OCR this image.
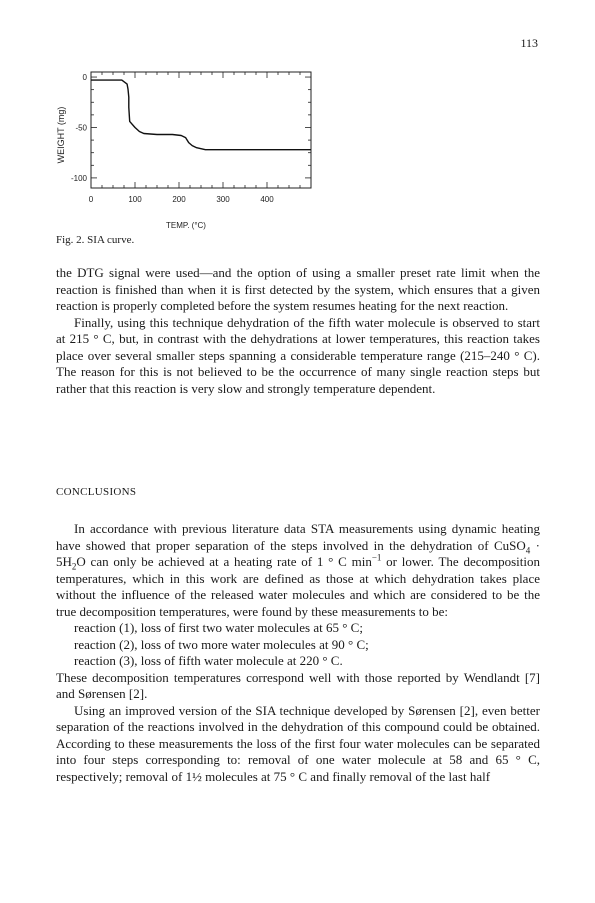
113
WEIGHT (mg)
TEMP. (°C)
0	100	200	300	400
0
-50
-100
Fig. 2. SIA curve.

the DTG signal were used—and the option of using a smaller preset rate limit when the reaction is finished than when it is first detected by the system, which ensures that a given reaction is properly completed before the system resumes heating for the next reaction.

Finally, using this technique dehydration of the fifth water molecule is observed to start at 215 ° C, but, in contrast with the dehydrations at lower temperatures, this reaction takes place over several smaller steps spanning a considerable temperature range (215–240 ° C). The reason for this is not believed to be the occurrence of many single reaction steps but rather that this reaction is very slow and strongly temperature dependent.

CONCLUSIONS

In accordance with previous literature data STA measurements using dynamic heating have showed that proper separation of the steps involved in the dehydration of CuSO$_4$ · $5H_2O$ can only be achieved at a heating rate of 1 ° C $\min^{-1}$ or lower. The decomposition temperatures, which in this work are defined as those at which dehydration takes place without the influence of the released water molecules and which are considered to be the true decomposition temperatures, were found by these measurements to be:

reaction (1), loss of first two water molecules at 65 ° C;

reaction (2), loss of two more water molecules at 90 ° C;

reaction (3), loss of fifth water molecule at 220 ° C.

These decomposition temperatures correspond well with those reported by Wendlandt [7] and Sørensen [2].

Using an improved version of the SIA technique developed by Sørensen [2], even better separation of the reactions involved in the dehydration of this compound could be obtained. According to these measurements the loss of the first four water molecules can be separated into four steps corresponding to: removal of one water molecule at 58 and 65 ° C, respectively; removal of 1½ molecules at 75 ° C and finally removal of the last half
